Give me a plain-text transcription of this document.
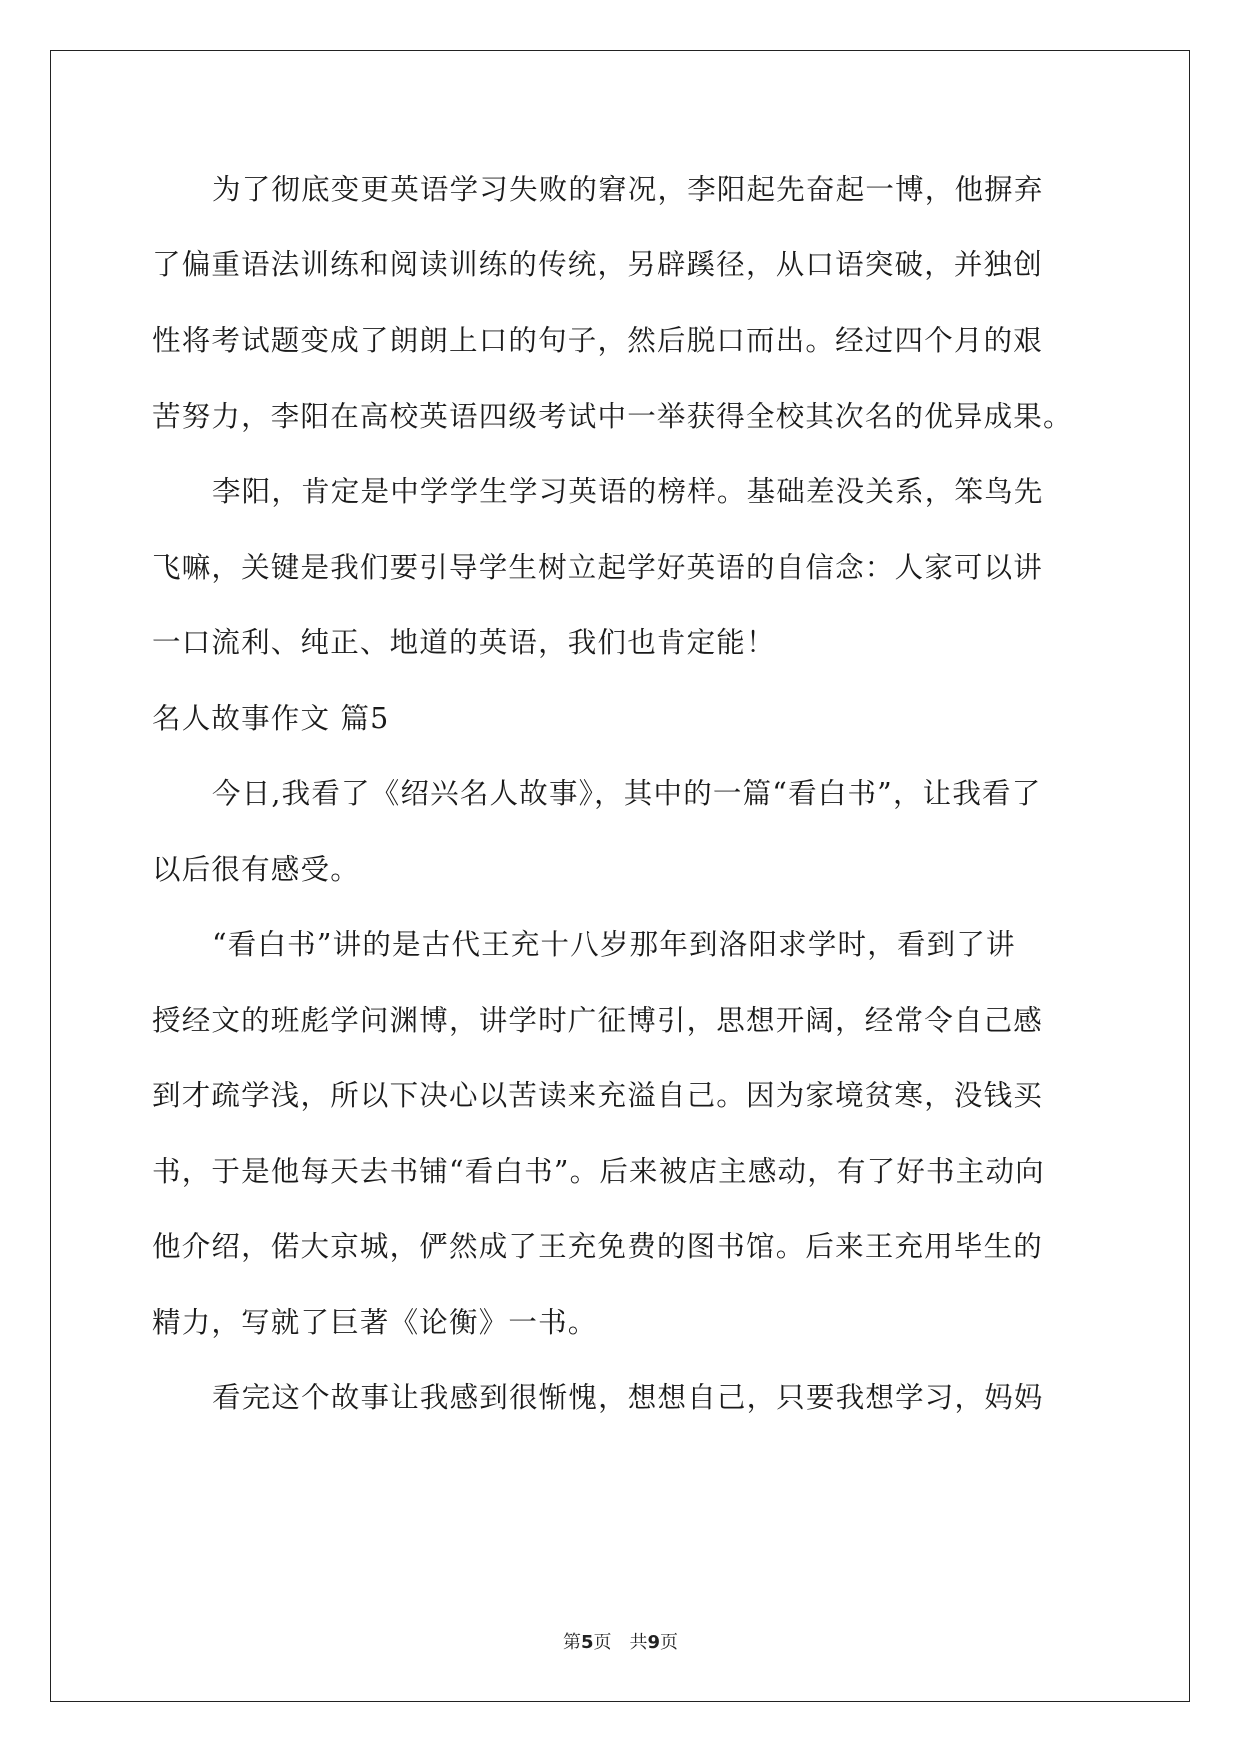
为了彻底变更英语学习失败的窘况，李阳起先奋起一博，他摒弃
了偏重语法训练和阅读训练的传统，另辟蹊径，从口语突破，并独创
性将考试题变成了朗朗上口的句子，然后脱口而出。经过四个月的艰
苦努力，李阳在高校英语四级考试中一举获得全校其次名的优异成果。
李阳，肯定是中学学生学习英语的榜样。基础差没关系，笨鸟先
飞嘛，关键是我们要引导学生树立起学好英语的自信念：人家可以讲
一口流利、纯正、地道的英语，我们也肯定能！
名人故事作文 篇5
今日,我看了《绍兴名人故事》，其中的一篇“看白书”，让我看了
以后很有感受。
“看白书”讲的是古代王充十八岁那年到洛阳求学时，看到了讲
授经文的班彪学问渊博，讲学时广征博引，思想开阔，经常令自己感
到才疏学浅，所以下决心以苦读来充溢自己。因为家境贫寒，没钱买
书，于是他每天去书铺“看白书”。后来被店主感动，有了好书主动向
他介绍，偌大京城，俨然成了王充免费的图书馆。后来王充用毕生的
精力，写就了巨著《论衡》一书。
看完这个故事让我感到很惭愧，想想自己，只要我想学习，妈妈
第5页　共9页
